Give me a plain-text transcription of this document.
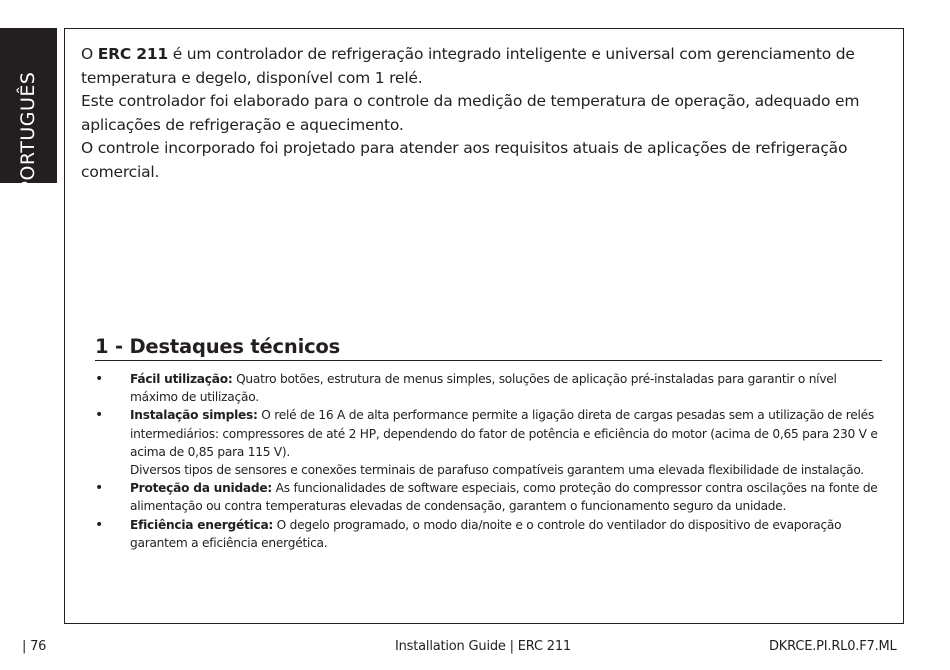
PORTUGUÊS

O ERC 211 é um controlador de refrigeração integrado inteligente e universal com gerenciamento de temperatura e degelo, disponível com 1 relé.

Este controlador foi elaborado para o controle da medição de temperatura de operação, adequado em aplicações de refrigeração e aquecimento.

O controle incorporado foi projetado para atender aos requisitos atuais de aplicações de refrigeração comercial.

1 - Destaques técnicos
• Fácil utilização: Quatro botões, estrutura de menus simples, soluções de aplicação pré-instaladas para garantir o nível máximo de utilização.
• Instalação simples: O relé de 16 A de alta performance permite a ligação direta de cargas pesadas sem a utilização de relés intermediários: compressores de até 2 HP, dependendo do fator de potência e eficiência do motor (acima de 0,65 para 230 V e acima de 0,85 para 115 V).
Diversos tipos de sensores e conexões terminais de parafuso compatíveis garantem uma elevada flexibilidade de instalação.
• Proteção da unidade: As funcionalidades de software especiais, como proteção do compressor contra oscilações na fonte de alimentação ou contra temperaturas elevadas de condensação, garantem o funcionamento seguro da unidade.
• Eficiência energética: O degelo programado, o modo dia/noite e o controle do ventilador do dispositivo de evaporação garantem a eficiência energética.
| 76	Installation Guide | ERC 211	DKRCE.PI.RL0.F7.ML
